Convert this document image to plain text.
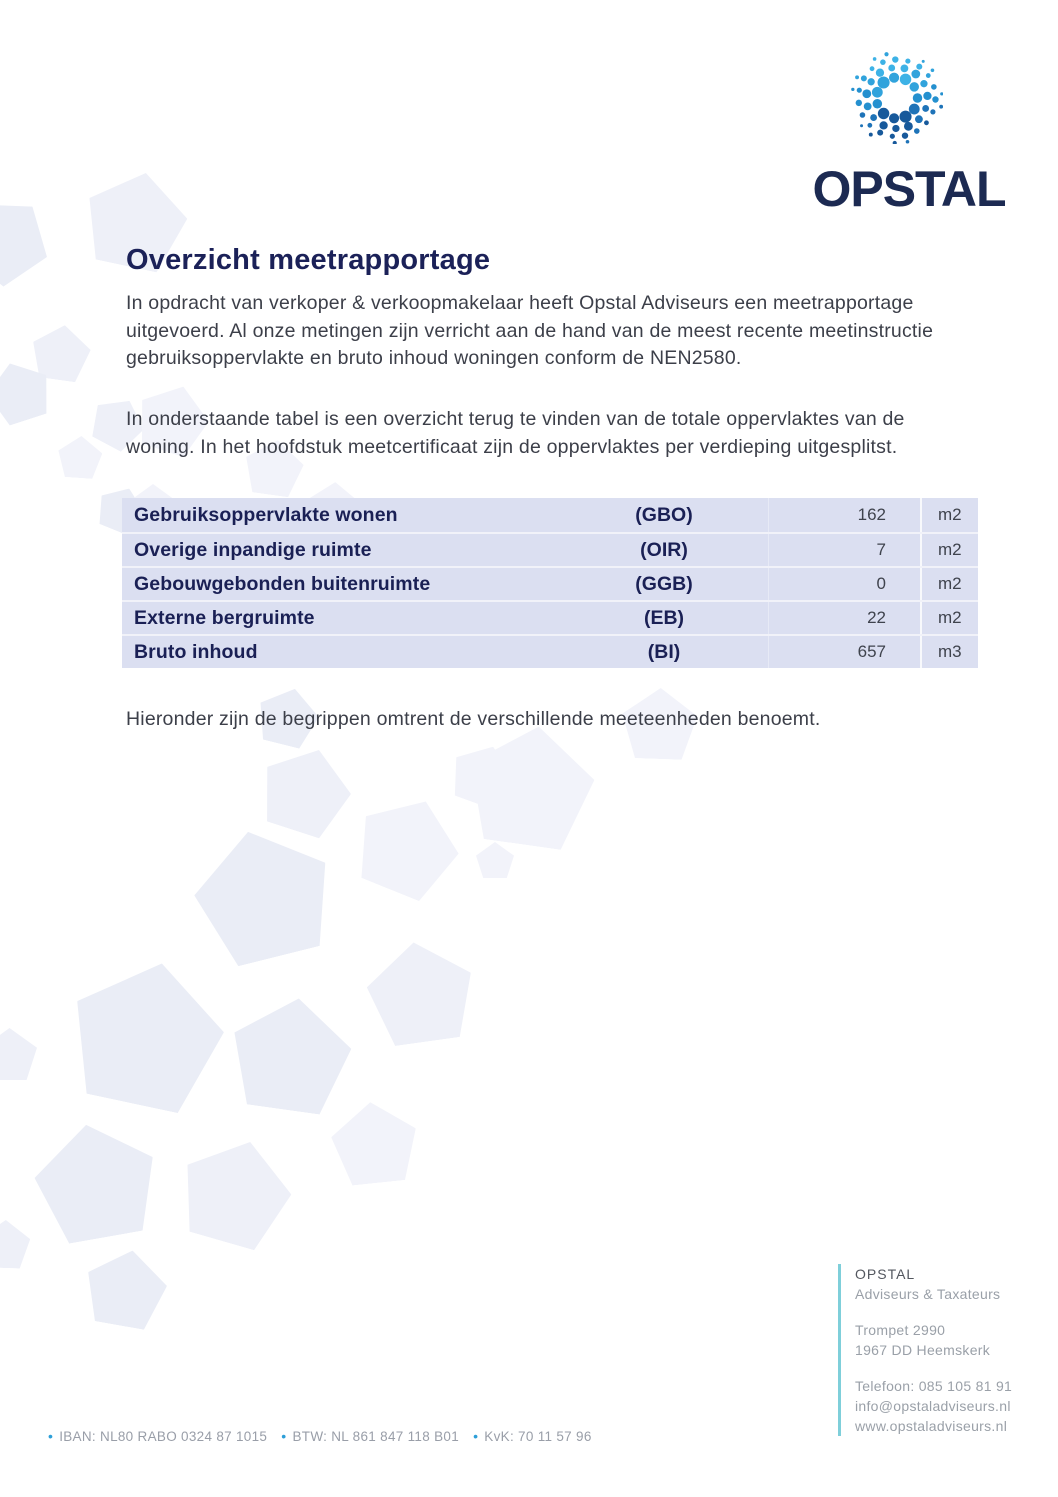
OPSTAL
Overzicht meetrapportage

In opdracht van verkoper & verkoopmakelaar heeft Opstal Adviseurs een meetrapportage uitgevoerd. Al onze metingen zijn verricht aan de hand van de meest recente meetinstructie gebruiksoppervlakte en bruto inhoud woningen conform de NEN2580.

In onderstaande tabel is een overzicht terug te vinden van de totale oppervlaktes van de woning. In het hoofdstuk meetcertificaat zijn de oppervlaktes per verdieping uitgesplitst.

Gebruiksoppervlakte wonen	(GBO)	162	m2
Overige inpandige ruimte	(OIR)	7	m2
Gebouwgebonden buitenruimte	(GGB)	0	m2
Externe bergruimte	(EB)	22	m2
Bruto inhoud	(BI)	657	m3

Hieronder zijn de begrippen omtrent de verschillende meeteenheden benoemt.

OPSTAL
Adviseurs & Taxateurs
Trompet 2990
1967 DD Heemskerk
Telefoon: 085 105 81 91
info@opstaladviseurs.nl
www.opstaladviseurs.nl
• IBAN: NL80 RABO 0324 87 1015 • BTW: NL 861 847 118 B01 • KvK: 70 11 57 96
